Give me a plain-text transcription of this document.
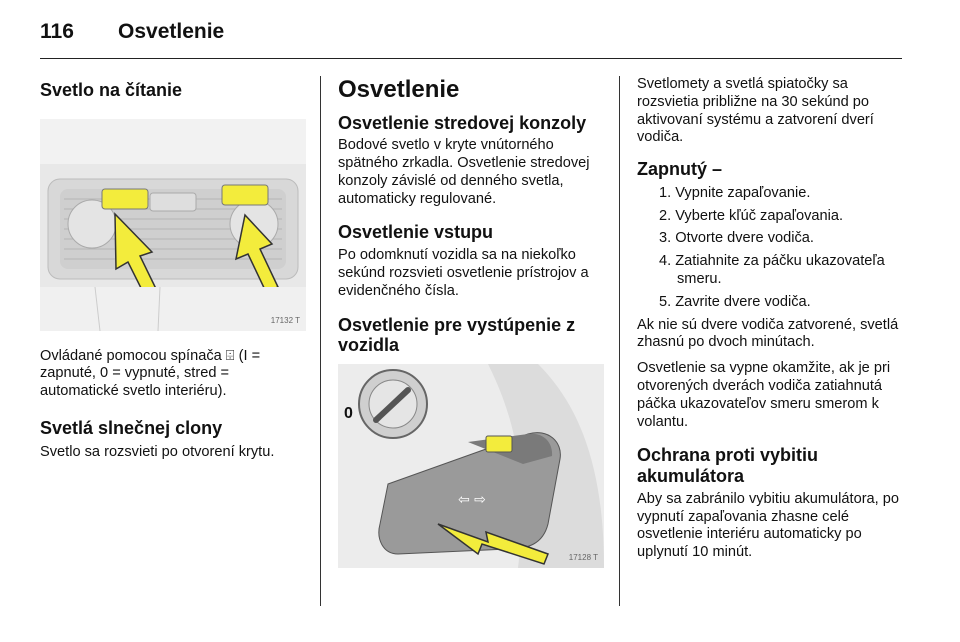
116 Osvetlenie
Svetlo na čítanie
17132 T

Ovládané pomocou spínača ⌹ (I = zapnuté, 0 = vypnuté, stred = automatické svetlo interiéru).

Svetlá slnečnej clony

Svetlo sa rozsvieti po otvorení krytu.

Osvetlenie
Osvetlenie stredovej konzoly

Bodové svetlo v kryte vnútorného spätného zrkadla. Osvetlenie stredovej konzoly závislé od denného svetla, automaticky regulované.

Osvetlenie vstupu

Po odomknutí vozidla sa na niekoľko sekúnd rozsvieti osvetlenie prístrojov a evidenčného čísla.

Osvetlenie pre vystúpenie z vozidla
⇦ ⇨
0
17128 T

Svetlomety a svetlá spiatočky sa rozsvietia približne na 30 sekúnd po aktivovaní systému a zatvorení dverí vodiča.

Zapnutý –
1. Vypnite zapaľovanie.
2. Vyberte kľúč zapaľovania.
3. Otvorte dvere vodiča.
4. Zatiahnite za páčku ukazovateľa smeru.
5. Zavrite dvere vodiča.

Ak nie sú dvere vodiča zatvorené, svetlá zhasnú po dvoch minútach.

Osvetlenie sa vypne okamžite, ak je pri otvorených dverách vodiča zatiahnutá páčka ukazovateľov smeru smerom k volantu.

Ochrana proti vybitiu akumulátora

Aby sa zabránilo vybitiu akumulátora, po vypnutí zapaľovania zhasne celé osvetlenie interiéru automaticky po uplynutí 10 minút.
